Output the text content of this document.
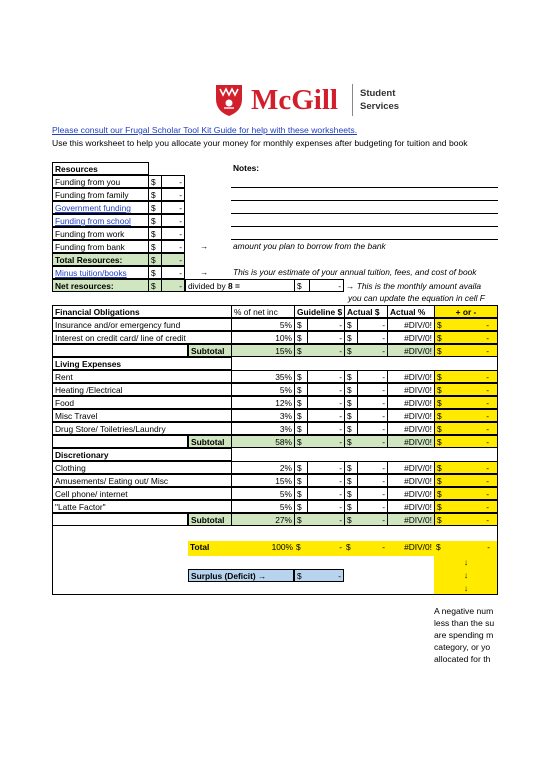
McGill Student
Services
Please consult our Frugal Scholar Tool Kit Guide for help with these worksheets.
Use this worksheet to help you allocate your money for monthly expenses after budgeting for tuition and book
Resources	Notes:
Funding from you	$	-
Funding from family	$	-
Government funding	$	-
Funding from school	$	-
Funding from work	$	-
Funding from bank	$	-	→	amount you plan to borrow from the bank
Total Resources:	$	-
Minus tuition/books	$	-	→	This is your estimate of your annual tuition, fees, and cost of book
Net resources:	$	- divided by 8 =	$	- → This is the monthly amount availa
you can update the equation in cell F
Financial Obligations	% of net inc	Guideline $ Actual $	Actual %	+ or -
Insurance and/or emergency fund	5% $	- $	-	#DIV/0! $	-
Interest on credit card/ line of credit	10% $	- $	-	#DIV/0! $	-
Subtotal	15% $	- $	-	#DIV/0! $	-
Living Expenses
Rent	35% $	- $	-	#DIV/0! $	-
Heating /Electrical	5% $	- $	-	#DIV/0! $	-
Food	12% $	- $	-	#DIV/0! $	-
Misc Travel	3% $	- $	-	#DIV/0! $	-
Drug Store/ Toiletries/Laundry	3% $	- $	-	#DIV/0! $	-
Subtotal	58% $	- $	-	#DIV/0! $	-
Discretionary
Clothing	2% $	- $	-	#DIV/0! $	-
Amusements/ Eating out/ Misc	15% $	- $	-	#DIV/0! $	-
Cell phone/ internet	5% $	- $	-	#DIV/0! $	-
"Latte Factor"	5% $	- $	-	#DIV/0! $	-
Subtotal	27% $	- $	-	#DIV/0! $	-
Total	100% $	- $	-	#DIV/0! $	-
↓
Surplus (Deficit) →	$	-	↓
↓
A negative num
less than the su
are spending m
category, or yo
allocated for th
